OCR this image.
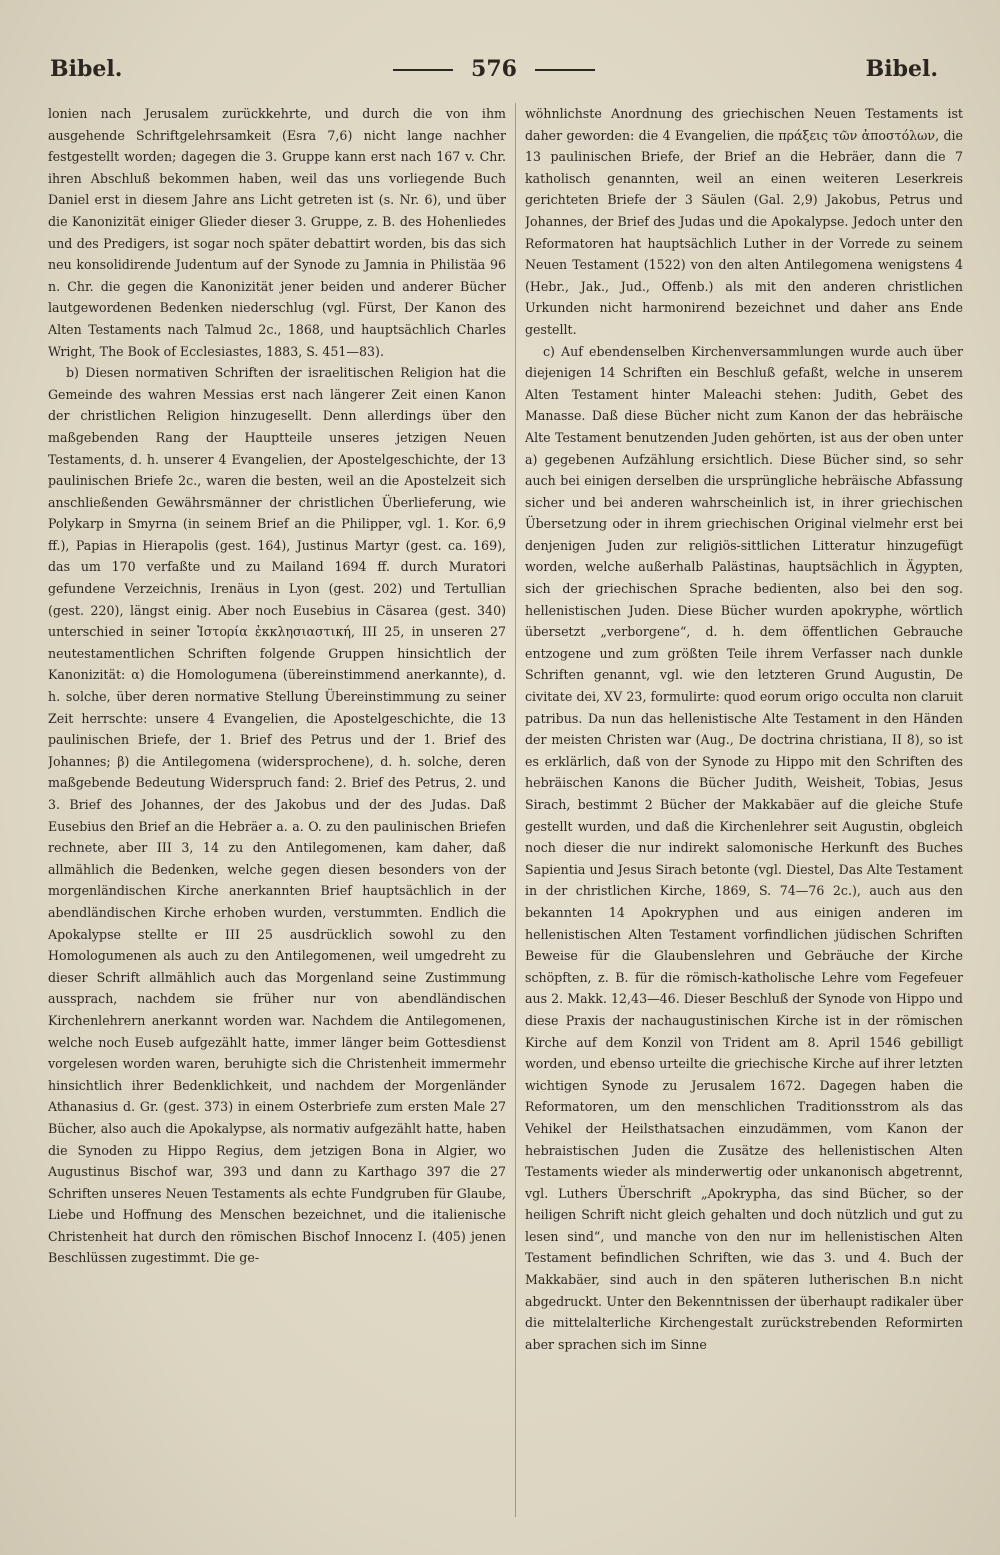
Bibel.	576	Bibel.

lonien nach Jerusalem zurückkehrte, und durch die von ihm ausgehende Schriftgelehrsamkeit (Esra 7,6) nicht lange nachher festgestellt worden; dagegen die 3. Gruppe kann erst nach 167 v. Chr. ihren Abschluß bekommen haben, weil das uns vorliegende Buch Daniel erst in diesem Jahre ans Licht getreten ist (s. Nr. 6), und über die Kanonizität einiger Glieder dieser 3. Gruppe, z. B. des Hohenliedes und des Predigers, ist sogar noch später debattirt worden, bis das sich neu konsolidirende Judentum auf der Synode zu Jamnia in Philistäa 96 n. Chr. die gegen die Kanonizität jener beiden und anderer Bücher lautgewordenen Bedenken niederschlug (vgl. Fürst, Der Kanon des Alten Testaments nach Talmud 2c., 1868, und hauptsächlich Charles Wright, The Book of Ecclesiastes, 1883, S. 451—83).

b) Diesen normativen Schriften der israelitischen Religion hat die Gemeinde des wahren Messias erst nach längerer Zeit einen Kanon der christlichen Religion hinzugesellt. Denn allerdings über den maßgebenden Rang der Hauptteile unseres jetzigen Neuen Testaments, d. h. unserer 4 Evangelien, der Apostelgeschichte, der 13 paulinischen Briefe 2c., waren die besten, weil an die Apostelzeit sich anschließenden Gewährsmänner der christlichen Überlieferung, wie Polykarp in Smyrna (in seinem Brief an die Philipper, vgl. 1. Kor. 6,9 ff.), Papias in Hierapolis (gest. 164), Justinus Martyr (gest. ca. 169), das um 170 verfaßte und zu Mailand 1694 ff. durch Muratori gefundene Verzeichnis, Irenäus in Lyon (gest. 202) und Tertullian (gest. 220), längst einig. Aber noch Eusebius in Cäsarea (gest. 340) unterschied in seiner Ἱστορία ἐκκλησιαστική, III 25, in unseren 27 neutestamentlichen Schriften folgende Gruppen hinsichtlich der Kanonizität: α) die Homologumena (übereinstimmend anerkannte), d. h. solche, über deren normative Stellung Übereinstimmung zu seiner Zeit herrschte: unsere 4 Evangelien, die Apostelgeschichte, die 13 paulinischen Briefe, der 1. Brief des Petrus und der 1. Brief des Johannes; β) die Antilegomena (widersprochene), d. h. solche, deren maßgebende Bedeutung Widerspruch fand: 2. Brief des Petrus, 2. und 3. Brief des Johannes, der des Jakobus und der des Judas. Daß Eusebius den Brief an die Hebräer a. a. O. zu den paulinischen Briefen rechnete, aber III 3, 14 zu den Antilegomenen, kam daher, daß allmählich die Bedenken, welche gegen diesen besonders von der morgenländischen Kirche anerkannten Brief hauptsächlich in der abendländischen Kirche erhoben wurden, verstummten. Endlich die Apokalypse stellte er III 25 ausdrücklich sowohl zu den Homologumenen als auch zu den Antilegomenen, weil umgedreht zu dieser Schrift allmählich auch das Morgenland seine Zustimmung aussprach, nachdem sie früher nur von abendländischen Kirchenlehrern anerkannt worden war. Nachdem die Antilegomenen, welche noch Euseb aufgezählt hatte, immer länger beim Gottesdienst vorgelesen worden waren, beruhigte sich die Christenheit immermehr hinsichtlich ihrer Bedenklichkeit, und nachdem der Morgenländer Athanasius d. Gr. (gest. 373) in einem Osterbriefe zum ersten Male 27 Bücher, also auch die Apokalypse, als normativ aufgezählt hatte, haben die Synoden zu Hippo Regius, dem jetzigen Bona in Algier, wo Augustinus Bischof war, 393 und dann zu Karthago 397 die 27 Schriften unseres Neuen Testaments als echte Fundgruben für Glaube, Liebe und Hoffnung des Menschen bezeichnet, und die italienische Christenheit hat durch den römischen Bischof Innocenz I. (405) jenen Beschlüssen zugestimmt. Die ge-

wöhnlichste Anordnung des griechischen Neuen Testaments ist daher geworden: die 4 Evangelien, die πράξεις τῶν ἀποστόλων, die 13 paulinischen Briefe, der Brief an die Hebräer, dann die 7 katholisch genannten, weil an einen weiteren Leserkreis gerichteten Briefe der 3 Säulen (Gal. 2,9) Jakobus, Petrus und Johannes, der Brief des Judas und die Apokalypse. Jedoch unter den Reformatoren hat hauptsächlich Luther in der Vorrede zu seinem Neuen Testament (1522) von den alten Antilegomena wenigstens 4 (Hebr., Jak., Jud., Offenb.) als mit den anderen christlichen Urkunden nicht harmonirend bezeichnet und daher ans Ende gestellt.

c) Auf ebendenselben Kirchenversammlungen wurde auch über diejenigen 14 Schriften ein Beschluß gefaßt, welche in unserem Alten Testament hinter Maleachi stehen: Judith, Gebet des Manasse. Daß diese Bücher nicht zum Kanon der das hebräische Alte Testament benutzenden Juden gehörten, ist aus der oben unter a) gegebenen Aufzählung ersichtlich. Diese Bücher sind, so sehr auch bei einigen derselben die ursprüngliche hebräische Abfassung sicher und bei anderen wahrscheinlich ist, in ihrer griechischen Übersetzung oder in ihrem griechischen Original vielmehr erst bei denjenigen Juden zur religiös-sittlichen Litteratur hinzugefügt worden, welche außerhalb Palästinas, hauptsächlich in Ägypten, sich der griechischen Sprache bedienten, also bei den sog. hellenistischen Juden. Diese Bücher wurden apokryphe, wörtlich übersetzt „verborgene“, d. h. dem öffentlichen Gebrauche entzogene und zum größten Teile ihrem Verfasser nach dunkle Schriften genannt, vgl. wie den letzteren Grund Augustin, De civitate dei, XV 23, formulirte: quod eorum origo occulta non claruit patribus. Da nun das hellenistische Alte Testament in den Händen der meisten Christen war (Aug., De doctrina christiana, II 8), so ist es erklärlich, daß von der Synode zu Hippo mit den Schriften des hebräischen Kanons die Bücher Judith, Weisheit, Tobias, Jesus Sirach, bestimmt 2 Bücher der Makkabäer auf die gleiche Stufe gestellt wurden, und daß die Kirchenlehrer seit Augustin, obgleich noch dieser die nur indirekt salomonische Herkunft des Buches Sapientia und Jesus Sirach betonte (vgl. Diestel, Das Alte Testament in der christlichen Kirche, 1869, S. 74—76 2c.), auch aus den bekannten 14 Apokryphen und aus einigen anderen im hellenistischen Alten Testament vorfindlichen jüdischen Schriften Beweise für die Glaubenslehren und Gebräuche der Kirche schöpften, z. B. für die römisch-katholische Lehre vom Fegefeuer aus 2. Makk. 12,43—46. Dieser Beschluß der Synode von Hippo und diese Praxis der nachaugustinischen Kirche ist in der römischen Kirche auf dem Konzil von Trident am 8. April 1546 gebilligt worden, und ebenso urteilte die griechische Kirche auf ihrer letzten wichtigen Synode zu Jerusalem 1672. Dagegen haben die Reformatoren, um den menschlichen Traditionsstrom als das Vehikel der Heilsthatsachen einzudämmen, vom Kanon der hebraistischen Juden die Zusätze des hellenistischen Alten Testaments wieder als minderwertig oder unkanonisch abgetrennt, vgl. Luthers Überschrift „Apokrypha, das sind Bücher, so der heiligen Schrift nicht gleich gehalten und doch nützlich und gut zu lesen sind“, und manche von den nur im hellenistischen Alten Testament befindlichen Schriften, wie das 3. und 4. Buch der Makkabäer, sind auch in den späteren lutherischen B.n nicht abgedruckt. Unter den Bekenntnissen der überhaupt radikaler über die mittelalterliche Kirchengestalt zurückstrebenden Reformirten aber sprachen sich im Sinne
